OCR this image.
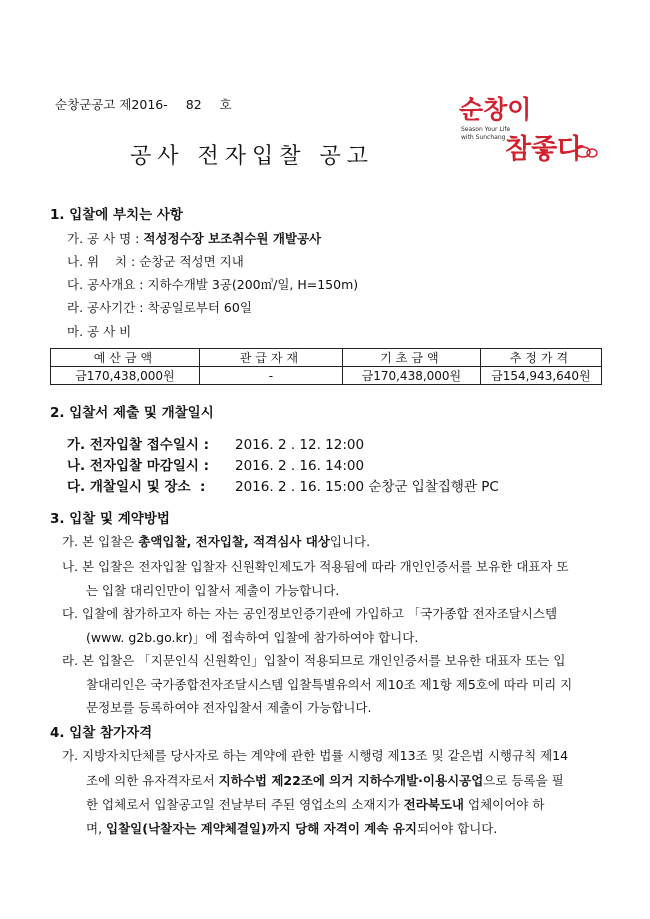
순창군공고 제2016- 82 호
공사 전자입찰 공고
순창이
Season Your Life
with Sunchang 참좋다
1. 입찰에 부치는 사항
가. 공 사 명 : 적성정수장 보조취수원 개발공사
나. 위    치 : 순창군 적성면 지내
다. 공사개요 : 지하수개발 3공(200㎥/일, H=150m)
라. 공사기간 : 착공일로부터 60일
마. 공 사 비
예산금액	관급자재	기초금액	추정가격
금170,438,000원	-	금170,438,000원	금154,943,640원
2. 입찰서 제출 및 개찰일시
가. 전자입찰 접수일시 : 2016. 2 . 12. 12:00
나. 전자입찰 마감일시 : 2016. 2 . 16. 14:00
다. 개찰일시 및 장소  : 2016. 2 . 16. 15:00 순창군 입찰집행관 PC
3. 입찰 및 계약방법
가. 본 입찰은 총액입찰, 전자입찰, 적격심사 대상입니다.
나. 본 입찰은 전자입찰 입찰자 신원확인제도가 적용됨에 따라 개인인증서를 보유한 대표자 또
는 입찰 대리인만이 입찰서 제출이 가능합니다.
다. 입찰에 참가하고자 하는 자는 공인정보인증기관에 가입하고 「국가종합 전자조달시스템
(www. g2b.go.kr)」에 접속하여 입찰에 참가하여야 합니다.
라. 본 입찰은 「지문인식 신원확인」입찰이 적용되므로 개인인증서를 보유한 대표자 또는 입
찰대리인은 국가종합전자조달시스템 입찰특별유의서 제10조 제1항 제5호에 따라 미리 지
문정보를 등록하여야 전자입찰서 제출이 가능합니다.
4. 입찰 참가자격
가. 지방자치단체를 당사자로 하는 계약에 관한 법률 시행령 제13조 및 같은법 시행규칙 제14
조에 의한 유자격자로서 지하수법 제22조에 의거 지하수개발·이용시공업으로 등록을 필
한 업체로서 입찰공고일 전날부터 주된 영업소의 소재지가 전라북도내 업체이어야 하
며, 입찰일(낙찰자는 계약체결일)까지 당해 자격이 계속 유지되어야 합니다.
